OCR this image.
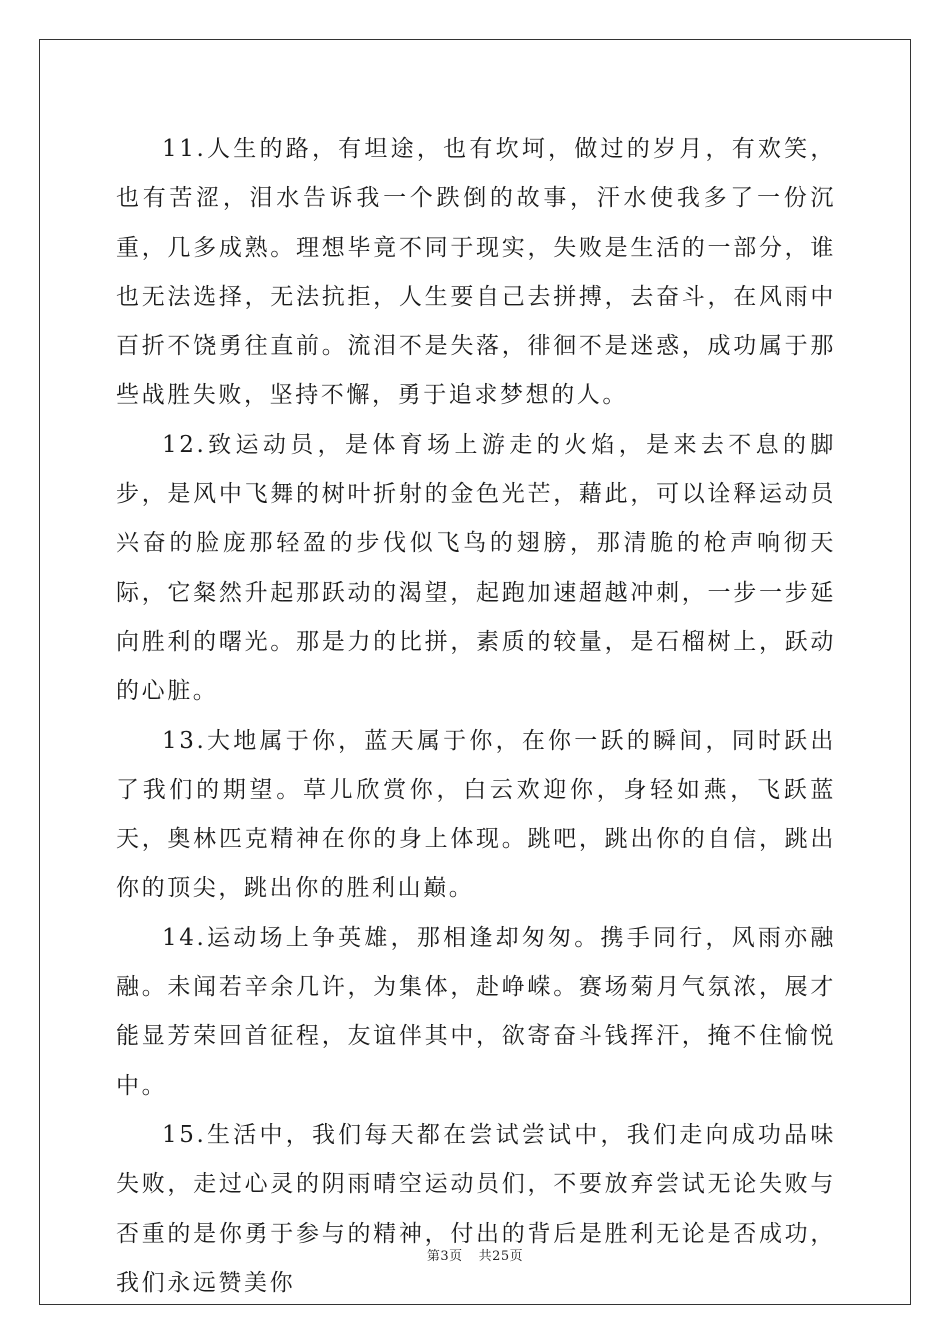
11.人生的路，有坦途，也有坎坷，做过的岁月，有欢笑，也有苦涩，泪水告诉我一个跌倒的故事，汗水使我多了一份沉重，几多成熟。理想毕竟不同于现实，失败是生活的一部分，谁也无法选择，无法抗拒，人生要自己去拼搏，去奋斗，在风雨中百折不饶勇往直前。流泪不是失落，徘徊不是迷惑，成功属于那些战胜失败，坚持不懈，勇于追求梦想的人。

12.致运动员，是体育场上游走的火焰，是来去不息的脚步，是风中飞舞的树叶折射的金色光芒，藉此，可以诠释运动员兴奋的脸庞那轻盈的步伐似飞鸟的翅膀，那清脆的枪声响彻天际，它粲然升起那跃动的渴望，起跑加速超越冲刺，一步一步延向胜利的曙光。那是力的比拼，素质的较量，是石榴树上，跃动的心脏。

13.大地属于你，蓝天属于你，在你一跃的瞬间，同时跃出了我们的期望。草儿欣赏你，白云欢迎你，身轻如燕，飞跃蓝天，奥林匹克精神在你的身上体现。跳吧，跳出你的自信，跳出你的顶尖，跳出你的胜利山巅。

14.运动场上争英雄，那相逢却匆匆。携手同行，风雨亦融融。未闻若辛余几许，为集体，赴峥嵘。赛场菊月气氛浓，展才能显芳荣回首征程，友谊伴其中，欲寄奋斗钱挥汗，掩不住愉悦中。

15.生活中，我们每天都在尝试尝试中，我们走向成功品味失败，走过心灵的阴雨晴空运动员们，不要放弃尝试无论失败与否重的是你勇于参与的精神，付出的背后是胜利无论是否成功，我们永远赞美你

第3页 共25页
